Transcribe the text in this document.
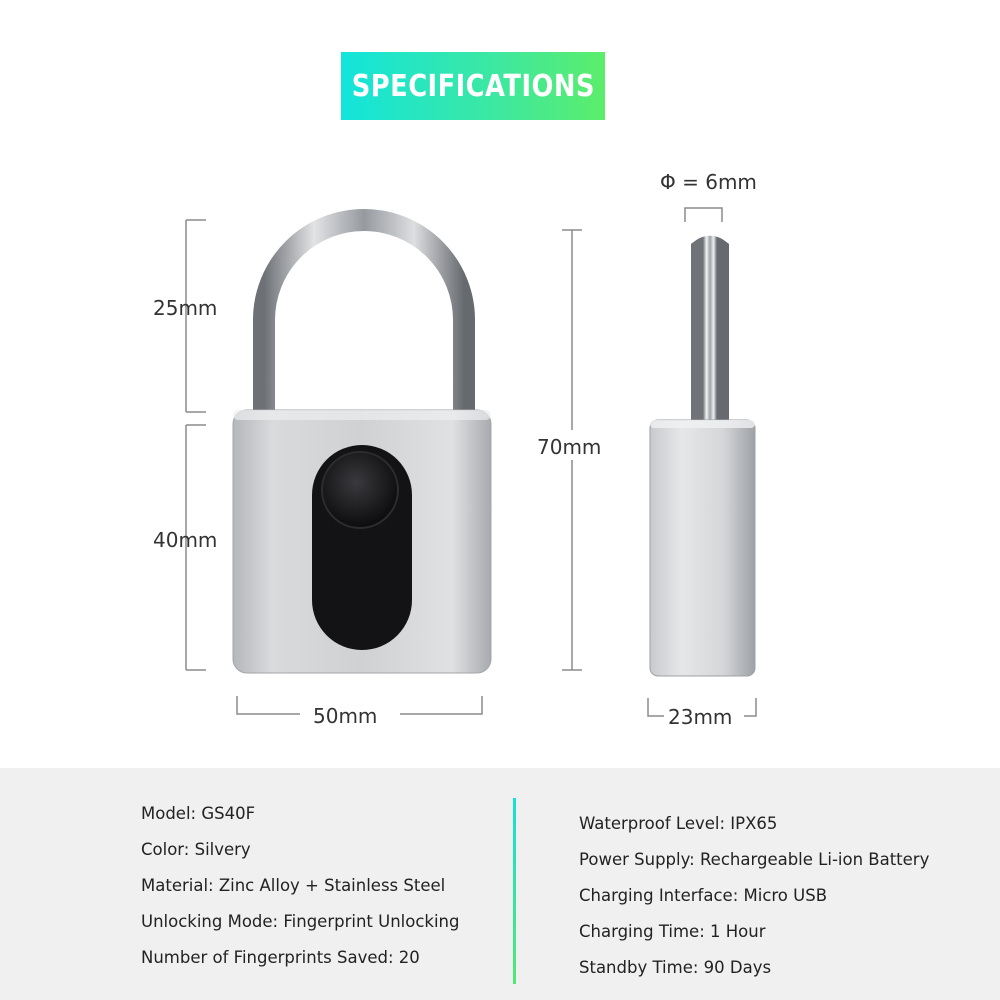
SPECIFICATIONS
25mm
40mm
70mm
50mm	23mm
Φ = 6mm
Model: GS40F
Color: Silvery
Material: Zinc Alloy + Stainless Steel
Unlocking Mode: Fingerprint Unlocking
Number of Fingerprints Saved: 20
Waterproof Level: IPX65
Power Supply: Rechargeable Li-ion Battery
Charging Interface: Micro USB
Charging Time: 1 Hour
Standby Time: 90 Days
